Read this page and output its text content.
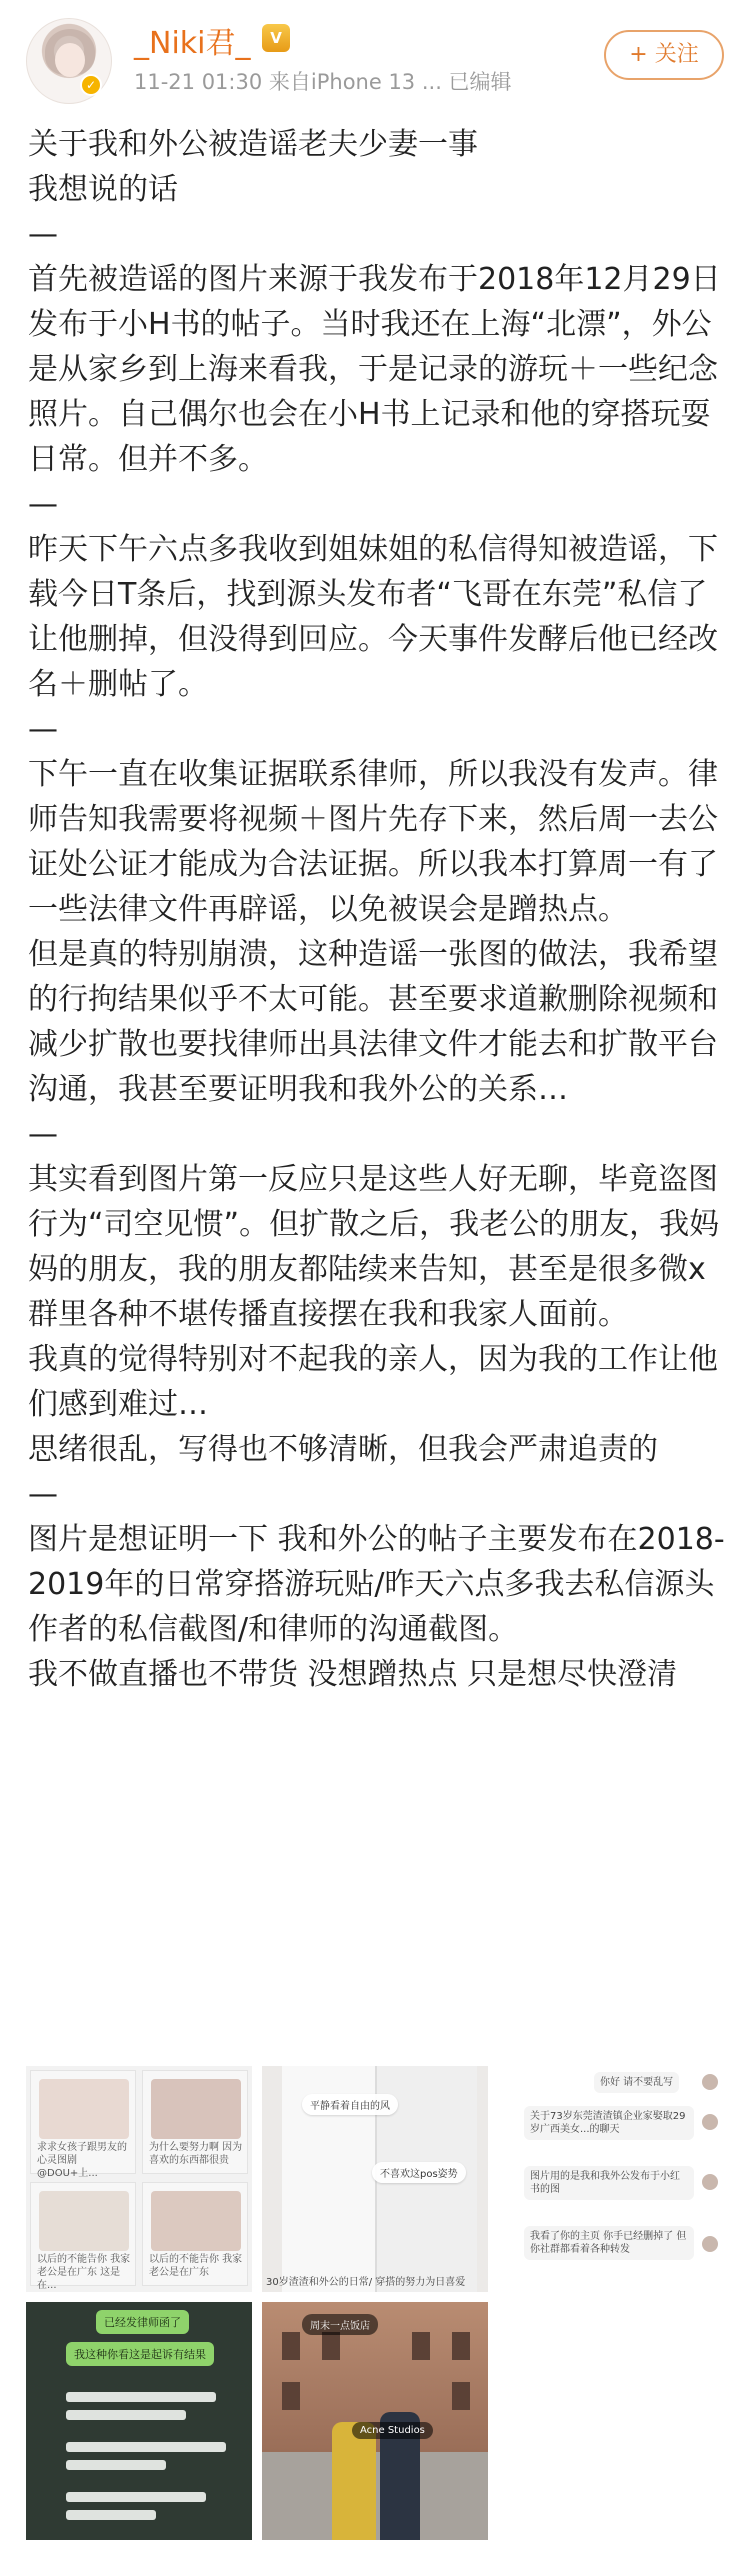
✓
_Niki君_	V
11-21 01:30 来自iPhone 13 ... 已编辑
+ 关注

关于我和外公被造谣老夫少妻一事

我想说的话

—

首先被造谣的图片来源于我发布于2018年12月29日发布于小H书的帖子。当时我还在上海“北漂”，外公是从家乡到上海来看我，于是记录的游玩＋一些纪念照片。自己偶尔也会在小H书上记录和他的穿搭玩耍日常。但并不多。

—

昨天下午六点多我收到姐妹姐的私信得知被造谣，下载今日T条后，找到源头发布者“飞哥在东莞”私信了让他删掉，但没得到回应。今天事件发酵后他已经改名＋删帖了。

—

下午一直在收集证据联系律师，所以我没有发声。律师告知我需要将视频＋图片先存下来，然后周一去公证处公证才能成为合法证据。所以我本打算周一有了一些法律文件再辟谣，以免被误会是蹭热点。

但是真的特别崩溃，这种造谣一张图的做法，我希望的行拘结果似乎不太可能。甚至要求道歉删除视频和减少扩散也要找律师出具法律文件才能去和扩散平台沟通，我甚至要证明我和我外公的关系…

—

其实看到图片第一反应只是这些人好无聊，毕竟盗图行为“司空见惯”。但扩散之后，我老公的朋友，我妈妈的朋友，我的朋友都陆续来告知，甚至是很多微x群里各种不堪传播直接摆在我和我家人面前。

我真的觉得特别对不起我的亲人，因为我的工作让他们感到难过…

思绪很乱，写得也不够清晰，但我会严肃追责的

—

图片是想证明一下 我和外公的帖子主要发布在2018-2019年的日常穿搭游玩贴/昨天六点多我去私信源头作者的私信截图/和律师的沟通截图。

我不做直播也不带货 没想蹭热点 只是想尽快澄清

求求女孩子跟男友的心灵图剧@DOU+上...
为什么要努力啊 因为喜欢的东西都很贵
以后的不能告你 我家老公是在广东 这是在...
以后的不能告你 我家老公是在广东
平静看着自由的风
不喜欢这pos姿势
30岁渣渣和外公的日常/ 穿搭的努力为日喜爱
你好 请不要乱写
关于73岁东莞渣渣镇企业家娶取29岁广西美女...的聊天
图片用的是我和我外公发布于小红书的图
我看了你的主页 你手已经删掉了 但你社群都看着各种转发
已经发律师函了
我这种你看这是起诉有结果
周末一点饭店
Acne Studios
